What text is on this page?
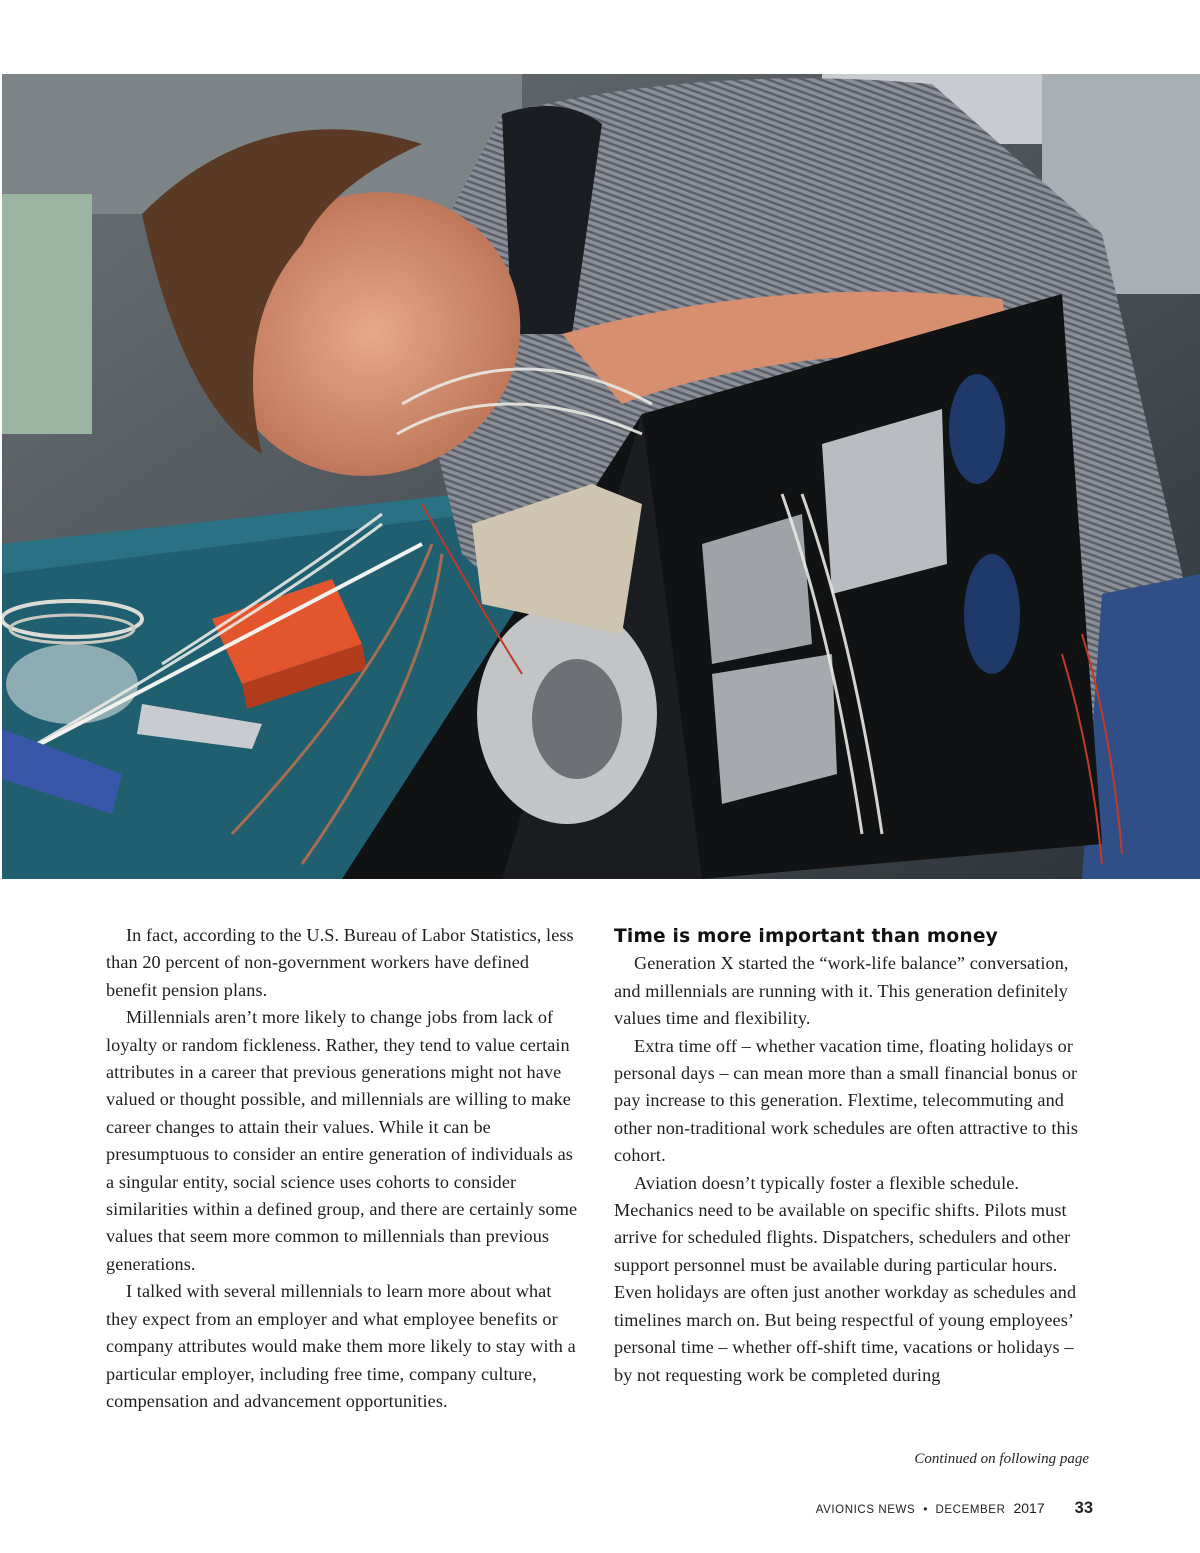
In fact, according to the U.S. Bureau of Labor Statistics, less than 20 percent of non-government workers have defined benefit pension plans.

Millennials aren’t more likely to change jobs from lack of loyalty or random fickleness. Rather, they tend to value certain attributes in a career that previous generations might not have valued or thought possible, and millennials are willing to make career changes to attain their values. While it can be presumptuous to consider an entire generation of individuals as a singular entity, social science uses cohorts to consider similarities within a defined group, and there are certainly some values that seem more common to millennials than previous generations.

I talked with several millennials to learn more about what they expect from an employer and what employee benefits or company attributes would make them more likely to stay with a particular employer, including free time, company culture, compensation and advancement opportunities.

Time is more important than money

Generation X started the “work-life balance” conversation, and millennials are running with it. This generation definitely values time and flexibility.

Extra time off – whether vacation time, floating holidays or personal days – can mean more than a small financial bonus or pay increase to this generation. Flextime, telecommuting and other non-traditional work schedules are often attractive to this cohort.

Aviation doesn’t typically foster a flexible schedule. Mechanics need to be available on specific shifts. Pilots must arrive for scheduled flights. Dispatchers, schedulers and other support personnel must be available during particular hours. Even holidays are often just another workday as schedules and timelines march on. But being respectful of young employees’ personal time – whether off-shift time, vacations or holidays – by not requesting work be completed during

Continued on following page
AVIONICS NEWS • DECEMBER 2017 33
